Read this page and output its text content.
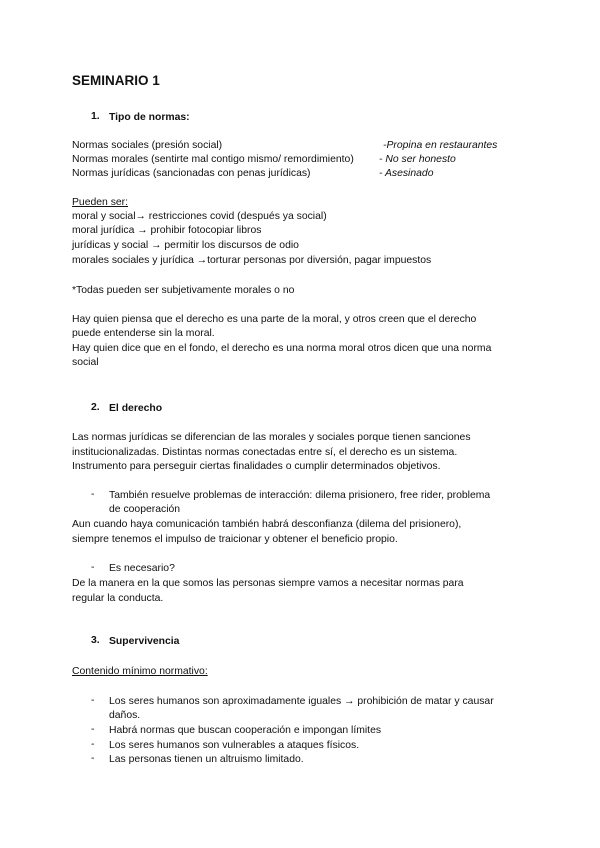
SEMINARIO 1
1. Tipo de normas:
Normas sociales (presión social)	-Propina en restaurantes
Normas morales (sentirte mal contigo mismo/ remordimiento) - No ser honesto
Normas jurídicas (sancionadas con penas jurídicas)	- Asesinado
Pueden ser:
moral y social→ restricciones covid (después ya social)
moral jurídica → prohibir fotocopiar libros
jurídicas y social → permitir los discursos de odio
morales sociales y jurídica →torturar personas por diversión, pagar impuestos
*Todas pueden ser subjetivamente morales o no
Hay quien piensa que el derecho es una parte de la moral, y otros creen que el derecho
puede entenderse sin la moral.
Hay quien dice que en el fondo, el derecho es una norma moral otros dicen que una norma
social
2. El derecho
Las normas jurídicas se diferencian de las morales y sociales porque tienen sanciones
institucionalizadas. Distintas normas conectadas entre sí, el derecho es un sistema.
Instrumento para perseguir ciertas finalidades o cumplir determinados objetivos.
- También resuelve problemas de interacción: dilema prisionero, free rider, problema
de cooperación
Aun cuando haya comunicación también habrá desconfianza (dilema del prisionero),
siempre tenemos el impulso de traicionar y obtener el beneficio propio.
- Es necesario?
De la manera en la que somos las personas siempre vamos a necesitar normas para
regular la conducta.
3. Supervivencia
Contenido mínimo normativo:
- Los seres humanos son aproximadamente iguales → prohibición de matar y causar
daños.
- Habrá normas que buscan cooperación e impongan límites
- Los seres humanos son vulnerables a ataques físicos.
- Las personas tienen un altruismo limitado.
